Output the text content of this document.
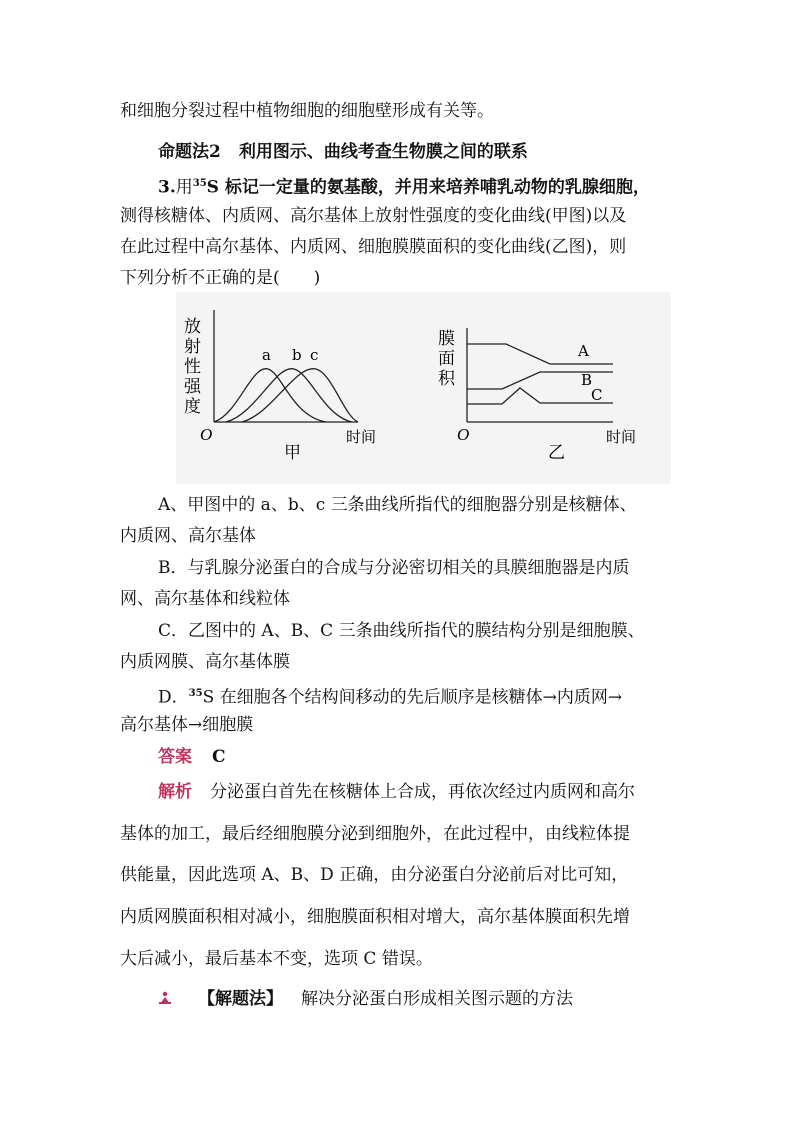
和细胞分裂过程中植物细胞的细胞壁形成有关等。
命题法2 利用图示、曲线考查生物膜之间的联系
3.用$^{35}$S 标记一定量的氨基酸，并用来培养哺乳动物的乳腺细胞，
测得核糖体、内质网、高尔基体上放射性强度的变化曲线(甲图)以及
在此过程中高尔基体、内质网、细胞膜膜面积的变化曲线(乙图)，则
下列分析不正确的是(　　)
放
射
性
强
度
a b c
O	时间
甲
膜
面
积
A
B
C
O	时间
乙
A、甲图中的 a、b、c 三条曲线所指代的细胞器分别是核糖体、
内质网、高尔基体
B．与乳腺分泌蛋白的合成与分泌密切相关的具膜细胞器是内质
网、高尔基体和线粒体
C．乙图中的 A、B、C 三条曲线所指代的膜结构分别是细胞膜、
内质网膜、高尔基体膜
D．$^{35}$S 在细胞各个结构间移动的先后顺序是核糖体→内质网→
高尔基体→细胞膜
答案 C
解析 分泌蛋白首先在核糖体上合成，再依次经过内质网和高尔
基体的加工，最后经细胞膜分泌到细胞外，在此过程中，由线粒体提
供能量，因此选项 A、B、D 正确，由分泌蛋白分泌前后对比可知，
内质网膜面积相对减小，细胞膜面积相对增大，高尔基体膜面积先增
大后减小，最后基本不变，选项 C 错误。
【解题法】 解决分泌蛋白形成相关图示题的方法
